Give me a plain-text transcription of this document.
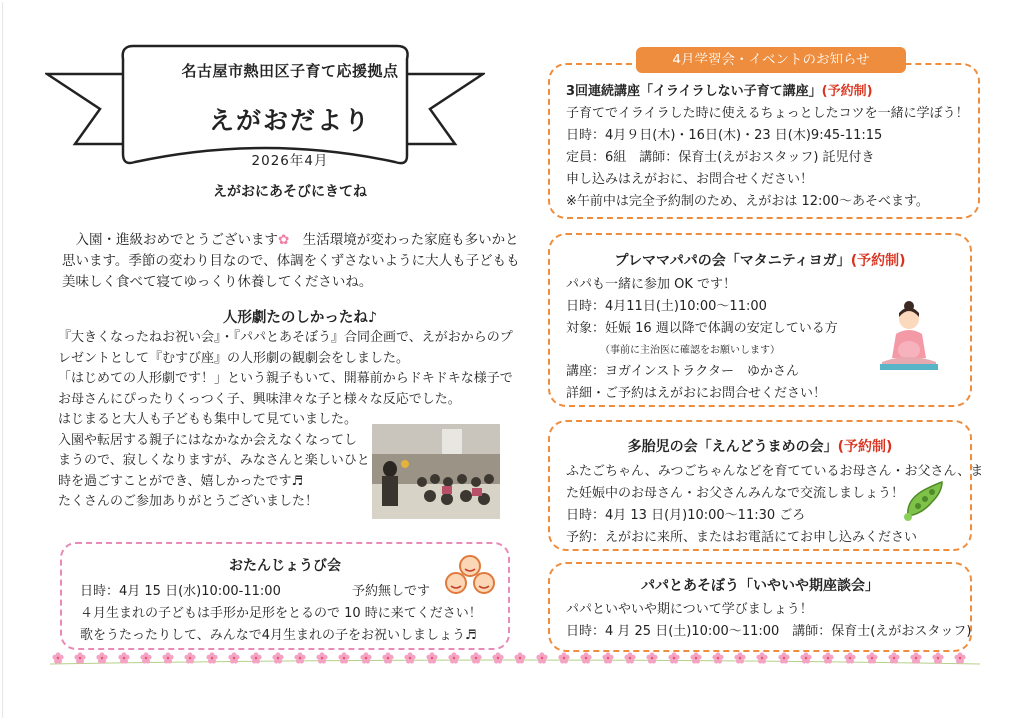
名古屋市熱田区子育て応援拠点
えがおだより
2026年4月
えがおにあそびにきてね
　入園・進級おめでとうございます✿　生活環境が変わった家庭も多いかと思います。季節の変わり目なので、体調をくずさないように大人も子どもも美味しく食べて寝てゆっくり休養してくださいね。
人形劇たのしかったね♪

『大きくなったねお祝い会』・『パパとあそぼう』合同企画で、えがおからのプ

レゼントとして『むすび座』の人形劇の観劇会をしました。

「はじめての人形劇です！」という親子もいて、開幕前からドキドキな様子で

お母さんにぴったりくっつく子、興味津々な子と様々な反応でした。

はじまると大人も子どもも集中して見ていました。

入園や転居する親子にはなかなか会えなくなってし

まうので、寂しくなりますが、みなさんと楽しいひと

時を過ごすことができ、嬉しかったです♬

たくさんのご参加ありがとうございました！

おたんじょうび会
日時：4月 15 日(水)10:00-11:00	予約無しです
４月生まれの子どもは手形か足形をとるので 10 時に来てください！
歌をうたったりして、みんなで4月生まれの子をお祝いしましょう♬
4月学習会・イベントのお知らせ
3回連続講座「イライラしない子育て講座」(予約制)
子育てでイライラした時に使えるちょっとしたコツを一緒に学ぼう！
日時：4月９日(木)・16日(木)・23 日(木)9:45-11:15
定員：6組　講師：保育士(えがおスタッフ) 託児付き
申し込みはえがおに、お問合せください！
※午前中は完全予約制のため、えがおは 12:00～あそべます。
プレママパパの会「マタニティヨガ」(予約制)
パパも一緒に参加 OK です！
日時：4月11日(土)10:00～11:00
対象：妊娠 16 週以降で体調の安定している方
（事前に主治医に確認をお願いします）
講座：ヨガインストラクター　ゆかさん
詳細・ご予約はえがおにお問合せください！
多胎児の会「えんどうまめの会」(予約制)
ふたごちゃん、みつごちゃんなどを育てているお母さん・お父さん、ま
た妊娠中のお母さん・お父さんみんなで交流しましょう！
日時：4月 13 日(月)10:00～11:30 ごろ
予約：えがおに来所、またはお電話にてお申し込みください
パパとあそぼう「いやいや期座談会」
パパといやいや期について学びましょう！
日時：4 月 25 日(土)10:00～11:00　講師：保育士(えがおスタッフ)
